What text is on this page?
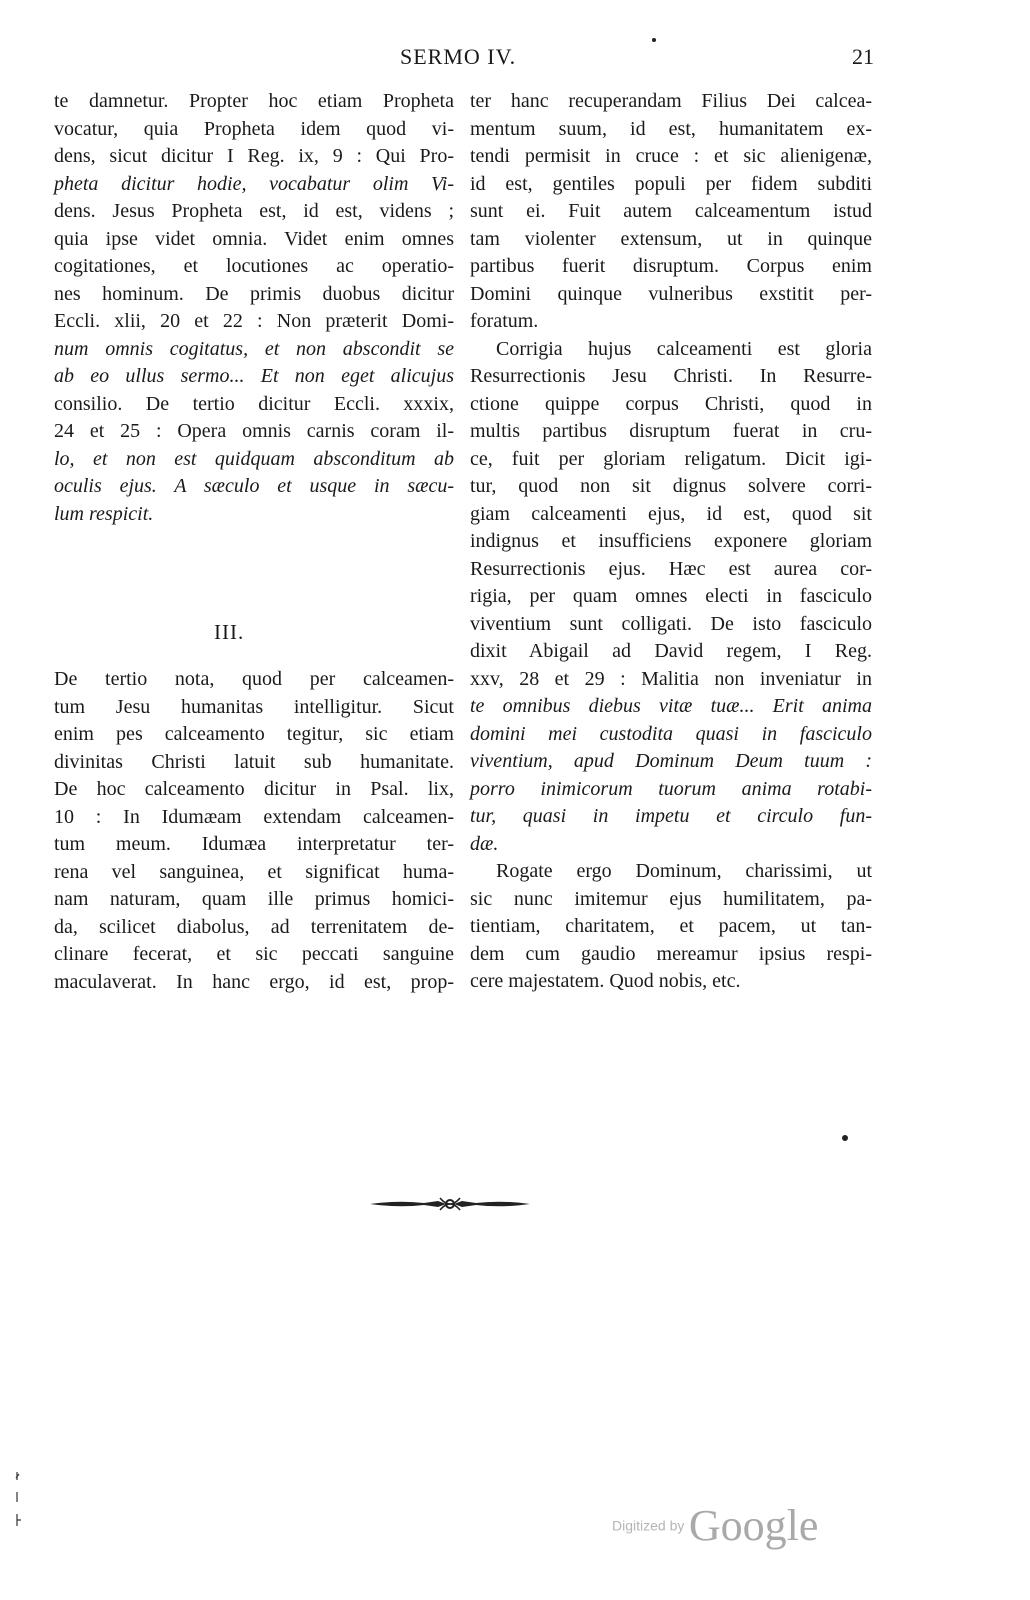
SERMO IV.	21
te damnetur. Propter hoc etiam Propheta
vocatur, quia Propheta idem quod vi-
dens, sicut dicitur I Reg. ix, 9 : Qui Pro-
pheta dicitur hodie, vocabatur olim Vi-
dens. Jesus Propheta est, id est, videns ;
quia ipse videt omnia. Videt enim omnes
cogitationes, et locutiones ac operatio-
nes hominum. De primis duobus dicitur
Eccli. xlii, 20 et 22 : Non præterit Domi-
num omnis cogitatus, et non abscondit se
ab eo ullus sermo... Et non eget alicujus
consilio. De tertio dicitur Eccli. xxxix,
24 et 25 : Opera omnis carnis coram il-
lo, et non est quidquam absconditum ab
oculis ejus. A sæculo et usque in sæcu-
lum respicit.
De tertio nota, quod per calceamen-
tum Jesu humanitas intelligitur. Sicut
enim pes calceamento tegitur, sic etiam
divinitas Christi latuit sub humanitate.
De hoc calceamento dicitur in Psal. lix,
10 : In Idumæam extendam calceamen-
tum meum. Idumæa interpretatur ter-
rena vel sanguinea, et significat huma-
nam naturam, quam ille primus homici-
da, scilicet diabolus, ad terrenitatem de-
clinare fecerat, et sic peccati sanguine
maculaverat. In hanc ergo, id est, prop-
III.
ter hanc recuperandam Filius Dei calcea-
mentum suum, id est, humanitatem ex-
tendi permisit in cruce : et sic alienigenæ,
id est, gentiles populi per fidem subditi
sunt ei. Fuit autem calceamentum istud
tam violenter extensum, ut in quinque
partibus fuerit disruptum. Corpus enim
Domini quinque vulneribus exstitit per-
foratum.
Corrigia hujus calceamenti est gloria
Resurrectionis Jesu Christi. In Resurre-
ctione quippe corpus Christi, quod in
multis partibus disruptum fuerat in cru-
ce, fuit per gloriam religatum. Dicit igi-
tur, quod non sit dignus solvere corri-
giam calceamenti ejus, id est, quod sit
indignus et insufficiens exponere gloriam
Resurrectionis ejus. Hæc est aurea cor-
rigia, per quam omnes electi in fasciculo
viventium sunt colligati. De isto fasciculo
dixit Abigail ad David regem, I Reg.
xxv, 28 et 29 : Malitia non inveniatur in
te omnibus diebus vitæ tuæ... Erit anima
domini mei custodita quasi in fasciculo
viventium, apud Dominum Deum tuum :
porro inimicorum tuorum anima rotabi-
tur, quasi in impetu et circulo fun-
dæ.
Rogate ergo Dominum, charissimi, ut
sic nunc imitemur ejus humilitatem, pa-
tientiam, charitatem, et pacem, ut tan-
dem cum gaudio mereamur ipsius respi-
cere majestatem. Quod nobis, etc.
Digitized by Google
